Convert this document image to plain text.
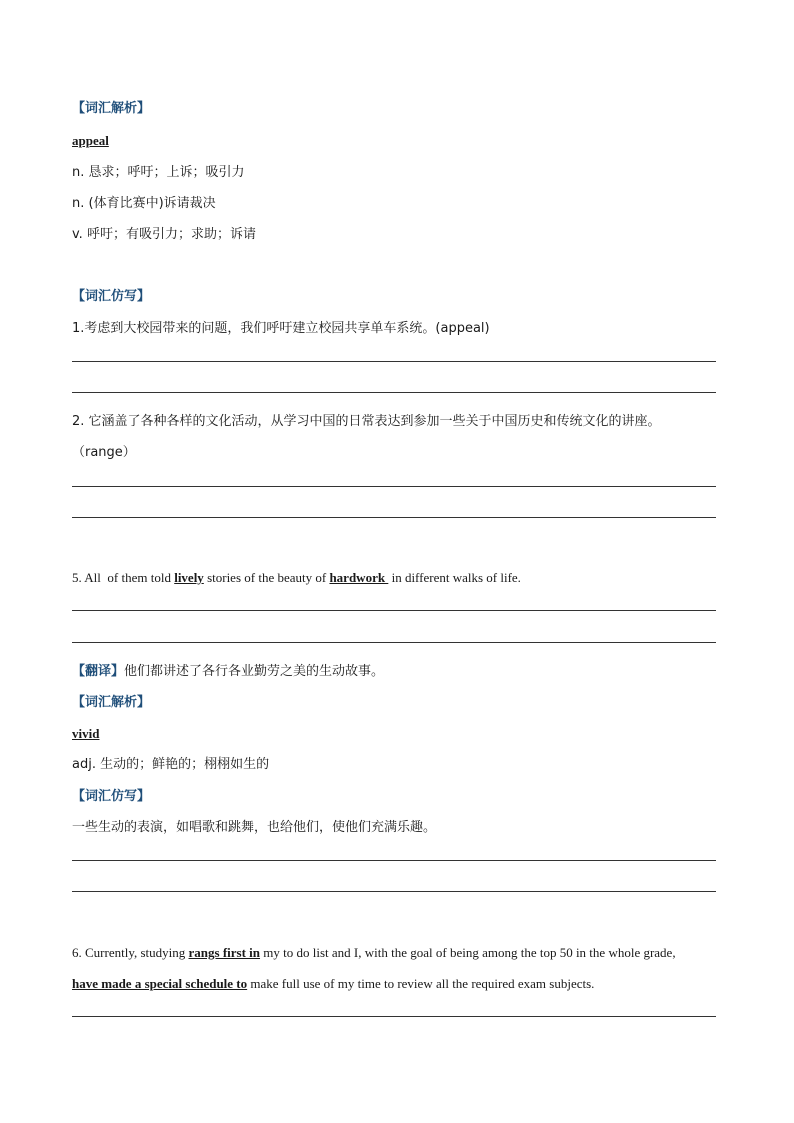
【词汇解析】
appeal
n. 恳求；呼吁；上诉；吸引力
n. (体育比赛中)诉请裁决
v. 呼吁；有吸引力；求助；诉请
【词汇仿写】
1.考虑到大校园带来的问题，我们呼吁建立校园共享单车系统。(appeal)
2. 它涵盖了各种各样的文化活动，从学习中国的日常表达到参加一些关于中国历史和传统文化的讲座。
（range）
5. All  of them told lively stories of the beauty of hardwork  in different walks of life.
【翻译】他们都讲述了各行各业勤劳之美的生动故事。
【词汇解析】
vivid
adj. 生动的；鲜艳的；栩栩如生的
【词汇仿写】
一些生动的表演，如唱歌和跳舞，也给他们，使他们充满乐趣。
6. Currently, studying rangs first in my to do list and I, with the goal of being among the top 50 in the whole grade,
have made a special schedule to make full use of my time to review all the required exam subjects.
